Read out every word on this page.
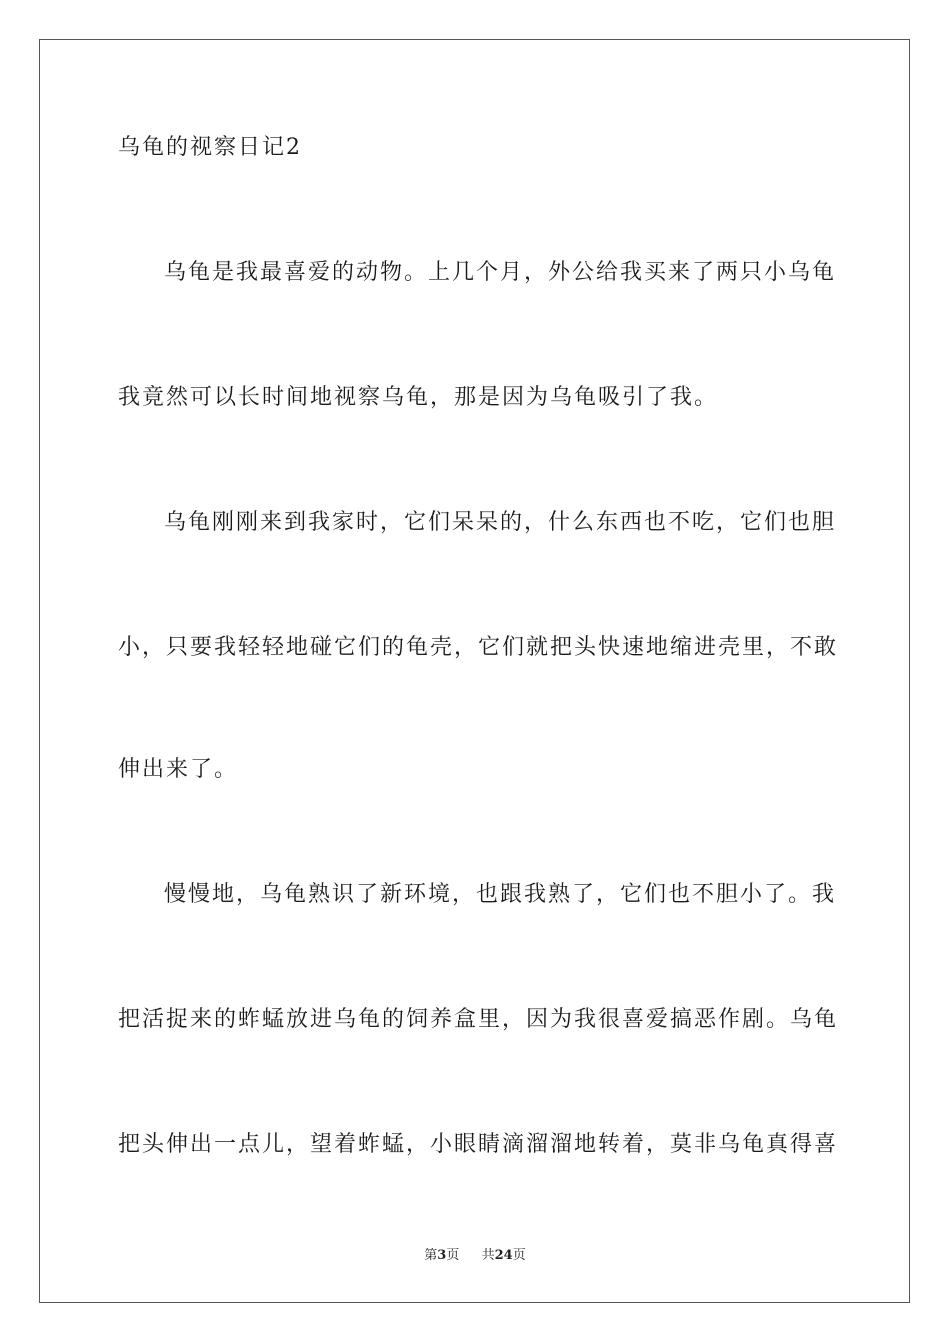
乌龟的视察日记2
乌龟是我最喜爱的动物。上几个月，外公给我买来了两只小乌龟
我竟然可以长时间地视察乌龟，那是因为乌龟吸引了我。
乌龟刚刚来到我家时，它们呆呆的，什么东西也不吃，它们也胆
小，只要我轻轻地碰它们的龟壳，它们就把头快速地缩进壳里，不敢
伸出来了。
慢慢地，乌龟熟识了新环境，也跟我熟了，它们也不胆小了。我
把活捉来的蚱蜢放进乌龟的饲养盒里，因为我很喜爱搞恶作剧。乌龟
把头伸出一点儿，望着蚱蜢，小眼睛滴溜溜地转着，莫非乌龟真得喜
第3页 共24页
